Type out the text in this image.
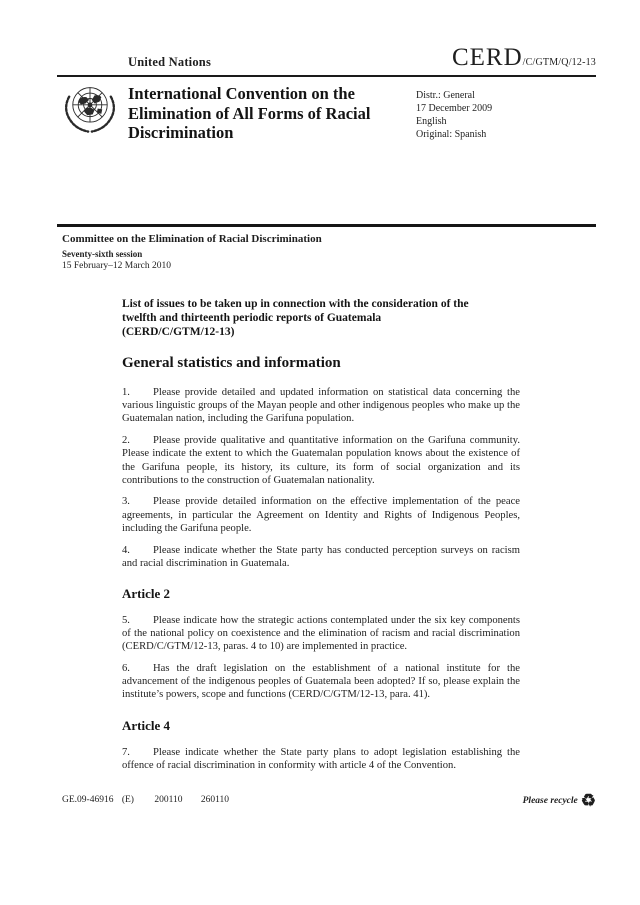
United Nations	CERD /C/GTM/Q/12-13
International Convention on the Elimination of All Forms of Racial Discrimination
Distr.: General
17 December 2009
English
Original: Spanish
Committee on the Elimination of Racial Discrimination
Seventy-sixth session
15 February–12 March 2010
List of issues to be taken up in connection with the consideration of the
twelfth and thirteenth periodic reports of Guatemala
(CERD/C/GTM/12-13)
General statistics and information

1. Please provide detailed and updated information on statistical data concerning the various linguistic groups of the Mayan people and other indigenous peoples who make up the Guatemalan nation, including the Garifuna population.

2. Please provide qualitative and quantitative information on the Garifuna community. Please indicate the extent to which the Guatemalan population knows about the existence of the Garifuna people, its history, its culture, its form of social organization and its contributions to the construction of Guatemalan nationality.

3. Please provide detailed information on the effective implementation of the peace agreements, in particular the Agreement on Identity and Rights of Indigenous Peoples, including the Garifuna people.

4. Please indicate whether the State party has conducted perception surveys on racism and racial discrimination in Guatemala.

Article 2

5. Please indicate how the strategic actions contemplated under the six key components of the national policy on coexistence and the elimination of racism and racial discrimination (CERD/C/GTM/12-13, paras. 4 to 10) are implemented in practice.

6. Has the draft legislation on the establishment of a national institute for the advancement of the indigenous peoples of Guatemala been adopted? If so, please explain the institute’s powers, scope and functions (CERD/C/GTM/12-13, para. 41).

Article 4

7. Please indicate whether the State party plans to adopt legislation establishing the offence of racial discrimination in conformity with article 4 of the Convention.

GE.09-46916 (E) 200110 260110	Please recycle ♻
